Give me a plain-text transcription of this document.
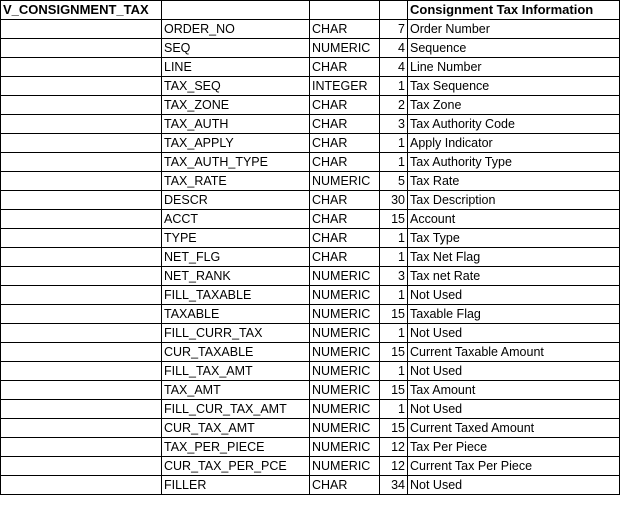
V_CONSIGNMENT_TAX				Consignment Tax Information
	ORDER_NO	CHAR	7	Order Number
	SEQ	NUMERIC	4	Sequence
	LINE	CHAR	4	Line Number
	TAX_SEQ	INTEGER	1	Tax Sequence
	TAX_ZONE	CHAR	2	Tax Zone
	TAX_AUTH	CHAR	3	Tax Authority Code
	TAX_APPLY	CHAR	1	Apply Indicator
	TAX_AUTH_TYPE	CHAR	1	Tax Authority Type
	TAX_RATE	NUMERIC	5	Tax Rate
	DESCR	CHAR	30	Tax Description
	ACCT	CHAR	15	Account
	TYPE	CHAR	1	Tax Type
	NET_FLG	CHAR	1	Tax Net Flag
	NET_RANK	NUMERIC	3	Tax net Rate
	FILL_TAXABLE	NUMERIC	1	Not Used
	TAXABLE	NUMERIC	15	Taxable Flag
	FILL_CURR_TAX	NUMERIC	1	Not Used
	CUR_TAXABLE	NUMERIC	15	Current Taxable Amount
	FILL_TAX_AMT	NUMERIC	1	Not Used
	TAX_AMT	NUMERIC	15	Tax Amount
	FILL_CUR_TAX_AMT	NUMERIC	1	Not Used
	CUR_TAX_AMT	NUMERIC	15	Current Taxed Amount
	TAX_PER_PIECE	NUMERIC	12	Tax Per Piece
	CUR_TAX_PER_PCE	NUMERIC	12	Current Tax Per Piece
	FILLER	CHAR	34	Not Used
